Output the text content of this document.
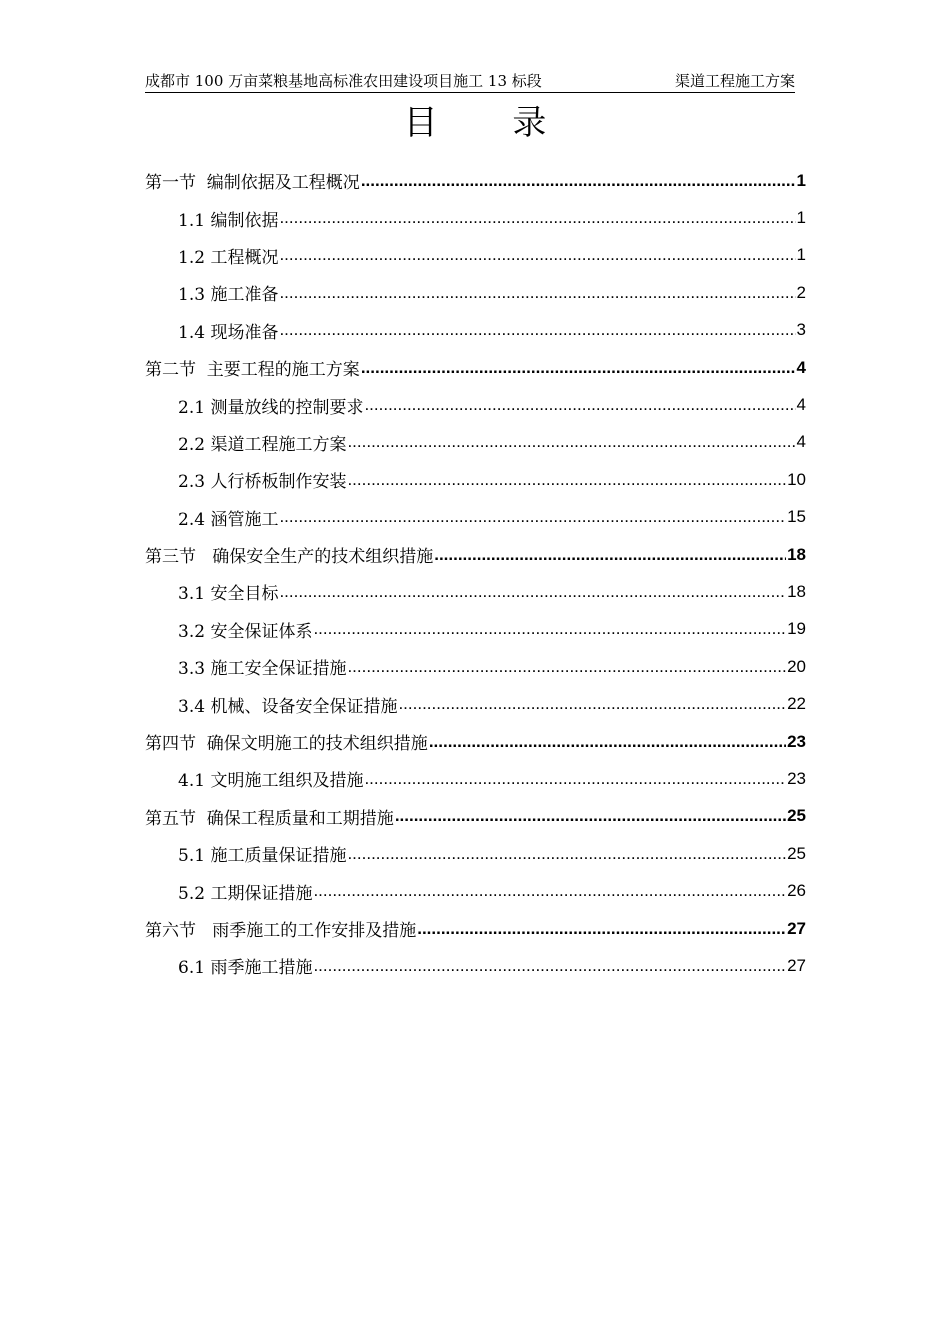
成都市 100 万亩菜粮基地高标准农田建设项目施工 13 标段	渠道工程施工方案
目 录
第一节  编制依据及工程概况 .....	1
1.1 编制依据 .....	1
1.2 工程概况 .....	1
1.3 施工准备 .....	2
1.4 现场准备 .....	3
第二节  主要工程的施工方案 .....	4
2.1 测量放线的控制要求 .....	4
2.2 渠道工程施工方案 .....	4
2.3 人行桥板制作安装 .....	10
2.4 涵管施工 .....	15
第三节   确保安全生产的技术组织措施 .....	18
3.1 安全目标 .....	18
3.2 安全保证体系 .....	19
3.3 施工安全保证措施 .....	20
3.4 机械、设备安全保证措施 .....	22
第四节  确保文明施工的技术组织措施 .....	23
4.1 文明施工组织及措施 .....	23
第五节  确保工程质量和工期措施 .....	25
5.1 施工质量保证措施 .....	25
5.2 工期保证措施 .....	26
第六节   雨季施工的工作安排及措施 .....	27
6.1 雨季施工措施 .....	27
